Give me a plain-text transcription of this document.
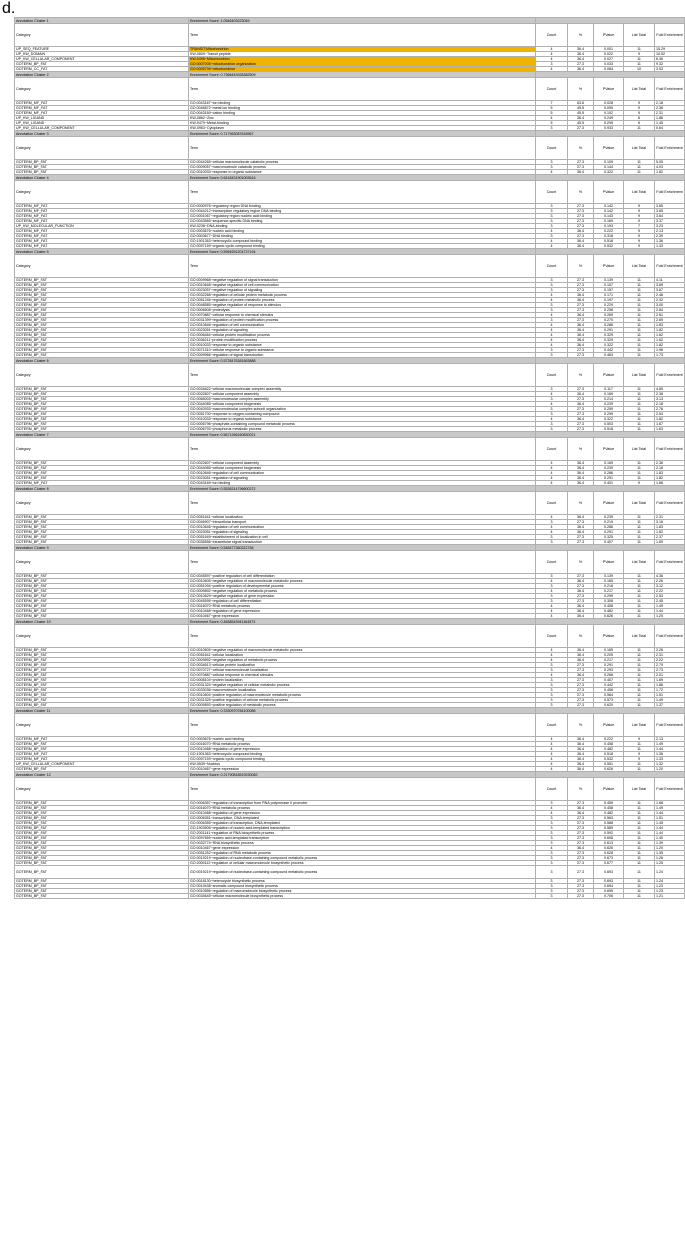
d.
Annotation Cluster 1	Enrichment Score: 1.0546403223049					
Category	Term	Count	%	PValue	List Total	Fold Enrichment
UP_SEQ_FEATURE	TRANSIT:Mitochondrion	4	36.4	0.001	11	15.29
UP_KW_DOMAIN	KW-0809~Transit peptide	4	36.4	0.022	9	10.52
UP_KW_CELLULAR_COMPONENT	KW-0496~Mitochondrion	4	36.4	0.027	11	6.36
GOTERM_BP_FAT	GO:0007005~mitochondrion organization	3	27.3	0.033	11	9.32
GOTERM_CC_FAT	GO:0005739~mitochondrion	4	36.4	0.084	10	3.53
Annotation Cluster 2	Enrichment Score: 0.7366443928382509					
Category	Term	Count	%	PValue	List Total	Fold Enrichment
GOTERM_MF_FAT	GO:0043167~ion binding	7	63.6	0.028	9	2.18
GOTERM_MF_FAT	GO:0046872~metal ion binding	5	45.5	0.095	9	2.36
GOTERM_MF_FAT	GO:0043169~cation binding	5	45.5	0.102	9	2.31
UP_KW_LIGAND	KW-0862~Zinc	4	36.4	0.249	6	1.86
UP_KW_LIGAND	KW-0479~Metal-binding	5	45.5	0.295	6	1.45
UP_KW_CELLULAR_COMPONENT	KW-0963~Cytoplasm	3	27.3	0.933	11	0.64
Annotation Cluster 3	Enrichment Score: 0.717963087618967					
Category	Term	Count	%	PValue	List Total	Fold Enrichment
GOTERM_BP_FAT	GO:0044265~cellular macromolecule catabolic process	3	27.3	0.109	11	5.05
GOTERM_BP_FAT	GO:0009057~macromolecule catabolic process	3	27.3	0.144	11	4.03
GOTERM_BP_FAT	GO:0010033~response to organic substance	4	36.4	0.322	11	1.82
Annotation Cluster 4	Enrichment Score: 0.6418431901003616					
Category	Term	Count	%	PValue	List Total	Fold Enrichment
GOTERM_MF_FAT	GO:0000976~regulatory region DNA binding	3	27.3	0.142	9	3.65
GOTERM_MF_FAT	GO:0044212~transcription regulatory region DNA binding	3	27.3	0.142	9	3.65
GOTERM_MF_FAT	GO:0001067~regulatory region nucleic acid binding	3	27.3	0.143	9	3.64
GOTERM_MF_FAT	GO:0043565~sequence-specific DNA binding	3	27.3	0.169	9	3.37
UP_KW_MOLECULAR_FUNCTION	KW-0238~DNA-binding	3	27.3	0.193	7	3.23
GOTERM_MF_FAT	GO:0003676~nucleic acid binding	4	36.4	0.222	9	2.13
GOTERM_MF_FAT	GO:0003677~DNA binding	3	27.3	0.318	9	2.39
GOTERM_MF_FAT	GO:1901363~heterocyclic compound binding	4	36.4	0.518	9	1.36
GOTERM_MF_FAT	GO:0097159~organic cyclic compound binding	4	36.4	0.532	9	1.33
Annotation Cluster 5	Enrichment Score: 0.5954591204737194					
Category	Term	Count	%	PValue	List Total	Fold Enrichment
GOTERM_BP_FAT	GO:0009968~negative regulation of signal transduction	3	27.3	0.139	11	4.11
GOTERM_BP_FAT	GO:0010648~negative regulation of cell communication	3	27.3	0.157	11	3.69
GOTERM_BP_FAT	GO:0023057~negative regulation of signaling	3	27.3	0.157	11	3.67
GOTERM_BP_FAT	GO:0032268~regulation of cellular protein metabolic process	4	36.4	0.171	11	2.46
GOTERM_BP_FAT	GO:0051246~regulation of protein metabolic process	4	36.4	0.197	11	2.32
GOTERM_BP_FAT	GO:0048585~negative regulation of response to stimulus	3	27.3	0.229	11	3.00
GOTERM_BP_FAT	GO:0006508~proteolysis	3	27.3	0.258	11	2.84
GOTERM_BP_FAT	GO:0070887~cellular response to chemical stimulus	4	36.4	0.269	11	2.61
GOTERM_BP_FAT	GO:0031399~regulation of protein modification process	3	27.3	0.270	11	2.69
GOTERM_BP_FAT	GO:0010646~regulation of cell communication	4	36.4	0.286	11	1.83
GOTERM_BP_FAT	GO:0023051~regulation of signaling	4	36.4	0.291	11	1.82
GOTERM_BP_FAT	GO:0006464~cellular protein modification process	4	36.4	0.329	11	1.62
GOTERM_BP_FAT	GO:0036211~protein modification process	4	36.4	0.329	11	1.62
GOTERM_BP_FAT	GO:0010033~response to organic substance	4	36.4	0.322	11	1.82
GOTERM_BP_FAT	GO:0071310~cellular response to organic substance	3	27.3	0.442	11	1.96
GOTERM_BP_FAT	GO:0009966~regulation of signal transduction	3	27.3	0.463	11	1.73
Annotation Cluster 6	Enrichment Score: 0.5728476381663888					
Category	Term	Count	%	PValue	List Total	Fold Enrichment
GOTERM_BP_FAT	GO:0034622~cellular macromolecular complex assembly	3	27.3	0.117	11	4.65
GOTERM_BP_FAT	GO:0022607~cellular component assembly	4	36.4	0.169	11	2.36
GOTERM_BP_FAT	GO:0065003~macromolecular complex assembly	3	27.3	0.214	11	3.13
GOTERM_BP_FAT	GO:0044085~cellular component biogenesis	4	36.4	0.239	11	2.16
GOTERM_BP_FAT	GO:0043933~macromolecular complex subunit organization	3	27.3	0.259	11	2.76
GOTERM_BP_FAT	GO:0051700~response to oxygen-containing compound	3	27.3	0.299	11	2.54
GOTERM_BP_FAT	GO:0010033~response to organic substance	4	36.4	0.322	11	1.82
GOTERM_BP_FAT	GO:0006796~phosphate-containing compound metabolic process	3	27.3	0.503	11	1.67
GOTERM_BP_FAT	GO:0006793~phosphorus metabolic process	3	27.3	0.518	11	1.63
Annotation Cluster 7	Enrichment Score: 0.5671266160830021					
Category	Term	Count	%	PValue	List Total	Fold Enrichment
GOTERM_BP_FAT	GO:0022607~cellular component assembly	4	36.4	0.169	11	2.36
GOTERM_BP_FAT	GO:0044085~cellular component biogenesis	4	36.4	0.239	11	2.16
GOTERM_BP_FAT	GO:0010646~regulation of cell communication	4	36.4	0.286	11	1.83
GOTERM_BP_FAT	GO:0023051~regulation of signaling	4	36.4	0.291	11	1.82
GOTERM_MF_FAT	GO:0043169~ion binding	4	36.4	0.401	9	1.66
Annotation Cluster 8	Enrichment Score: 0.5536314796600272					
Category	Term	Count	%	PValue	List Total	Fold Enrichment
GOTERM_BP_FAT	GO:0051641~cellular localization	4	36.4	0.239	11	2.31
GOTERM_BP_FAT	GO:0046907~intracellular transport	3	27.3	0.219	11	3.16
GOTERM_BP_FAT	GO:0010646~regulation of cell communication	4	36.4	0.286	11	1.83
GOTERM_BP_FAT	GO:0023051~regulation of signaling	4	36.4	0.291	11	1.82
GOTERM_BP_FAT	GO:0051649~establishment of localization in cell	3	27.3	0.325	11	2.37
GOTERM_BP_FAT	GO:0035556~intracellular signal transduction	3	27.3	0.407	11	1.69
Annotation Cluster 9	Enrichment Score: 0.546477360322758					
Category	Term	Count	%	PValue	List Total	Fold Enrichment
GOTERM_BP_FAT	GO:0045597~positive regulation of cell differentiation	3	27.3	0.139	11	4.36
GOTERM_BP_FAT	GO:0010605~negative regulation of macromolecule metabolic process	4	36.4	0.165	11	2.26
GOTERM_BP_FAT	GO:0051094~positive regulation of developmental process	3	27.3	0.216	11	3.12
GOTERM_BP_FAT	GO:0009892~negative regulation of metabolic process	4	36.4	0.217	11	2.22
GOTERM_BP_FAT	GO:0010629~negative regulation of gene expression	3	27.3	0.299	11	2.53
GOTERM_BP_FAT	GO:0045595~regulation of cell differentiation	3	27.3	0.308	11	2.45
GOTERM_BP_FAT	GO:0016070~RNA metabolic process	4	36.4	0.458	11	1.49
GOTERM_BP_FAT	GO:0010468~regulation of gene expression	4	36.4	0.482	11	1.44
GOTERM_BP_FAT	GO:0010467~gene expression	4	36.4	0.626	11	1.20
Annotation Cluster 10	Enrichment Score: 0.4658543941164573					
Category	Term	Count	%	PValue	List Total	Fold Enrichment
GOTERM_BP_FAT	GO:0010605~negative regulation of macromolecule metabolic process	4	36.4	0.165	11	2.26
GOTERM_BP_FAT	GO:0051641~cellular localization	4	36.4	0.209	11	2.31
GOTERM_BP_FAT	GO:0009892~negative regulation of metabolic process	4	36.4	0.217	11	2.22
GOTERM_BP_FAT	GO:0034613~cellular protein localization	3	27.3	0.291	11	2.70
GOTERM_BP_FAT	GO:0070727~cellular macromolecule localization	3	27.3	0.293	11	2.73
GOTERM_BP_FAT	GO:0070887~cellular response to chemical stimulus	4	36.4	0.266	11	2.01
GOTERM_BP_FAT	GO:0008104~protein localization	3	27.3	0.407	11	1.69
GOTERM_BP_FAT	GO:0031324~negative regulation of cellular metabolic process	3	27.3	0.442	11	1.86
GOTERM_BP_FAT	GO:0033036~macromolecule localization	3	27.3	0.456	11	1.72
GOTERM_BP_FAT	GO:0010604~positive regulation of macromolecule metabolic process	3	27.3	0.564	11	1.51
GOTERM_BP_FAT	GO:0031325~positive regulation of cellular metabolic process	3	27.3	0.573	11	1.49
GOTERM_BP_FAT	GO:0009893~positive regulation of metabolic process	3	27.3	0.620	11	1.37
Annotation Cluster 11	Enrichment Score: 0.3330970784100086					
Category	Term	Count	%	PValue	List Total	Fold Enrichment
GOTERM_MF_FAT	GO:0003676~nucleic acid binding	4	36.4	0.222	9	2.13
GOTERM_BP_FAT	GO:0016070~RNA metabolic process	4	36.4	0.458	11	1.49
GOTERM_BP_FAT	GO:0010468~regulation of gene expression	4	36.4	0.482	11	1.44
GOTERM_MF_FAT	GO:1901363~heterocyclic compound binding	4	36.4	0.518	9	1.36
GOTERM_MF_FAT	GO:0097159~organic cyclic compound binding	4	36.4	0.532	9	1.33
UP_KW_CELLULAR_COMPONENT	KW-0539~Nucleus	4	36.4	0.551	11	1.32
GOTERM_BP_FAT	GO:0010467~gene expression	4	36.4	0.626	11	1.20
Annotation Cluster 12	Enrichment Score: 0.21790818519230082					
Category	Term	Count	%	PValue	List Total	Fold Enrichment
GOTERM_BP_FAT	GO:0006357~regulation of transcription from RNA polymerase II promoter	3	27.3	0.459	11	1.68
GOTERM_BP_FAT	GO:0016070~RNA metabolic process	4	36.4	0.458	11	1.49
GOTERM_BP_FAT	GO:0010468~regulation of gene expression	4	36.4	0.482	11	1.44
GOTERM_BP_FAT	GO:0006351~transcription, DNA-templated	3	27.3	0.563	11	1.51
GOTERM_BP_FAT	GO:0006355~regulation of transcription, DNA-templated	3	27.3	0.588	11	1.45
GOTERM_BP_FAT	GO:1903506~regulation of nucleic acid-templated transcription	3	27.3	0.589	11	1.44
GOTERM_BP_FAT	GO:2001141~regulation of RNA biosynthetic process	3	27.3	0.592	11	1.44
GOTERM_BP_FAT	GO:0097659~nucleic acid-templated transcription	3	27.3	0.608	11	1.40
GOTERM_BP_FAT	GO:0032774~RNA biosynthetic process	3	27.3	0.613	11	1.39
GOTERM_BP_FAT	GO:0010467~gene expression	4	36.4	0.626	11	1.20
GOTERM_BP_FAT	GO:0051252~regulation of RNA metabolic process	3	27.3	0.628	11	1.35
GOTERM_BP_FAT	GO:0019219~regulation of nucleobase-containing compound metabolic process	3	27.3	0.673	11	1.26
GOTERM_BP_FAT	GO:2000112~regulation of cellular macromolecule biosynthetic process	3	27.3	0.677	11	1.25
GOTERM_BP_FAT	GO:0019219~regulation of nucleobase-containing compound metabolic process	3	27.3	0.693	11	1.24
GOTERM_BP_FAT	GO:0018130~heterocycle biosynthetic process	3	27.3	0.693	11	1.24
GOTERM_BP_FAT	GO:0019438~aromatic compound biosynthetic process	3	27.3	0.694	11	1.23
GOTERM_BP_FAT	GO:0010556~regulation of macromolecule biosynthetic process	3	27.3	0.695	11	1.23
GOTERM_BP_FAT	GO:0034645~cellular macromolecule biosynthetic process	3	27.3	0.706	11	1.21
